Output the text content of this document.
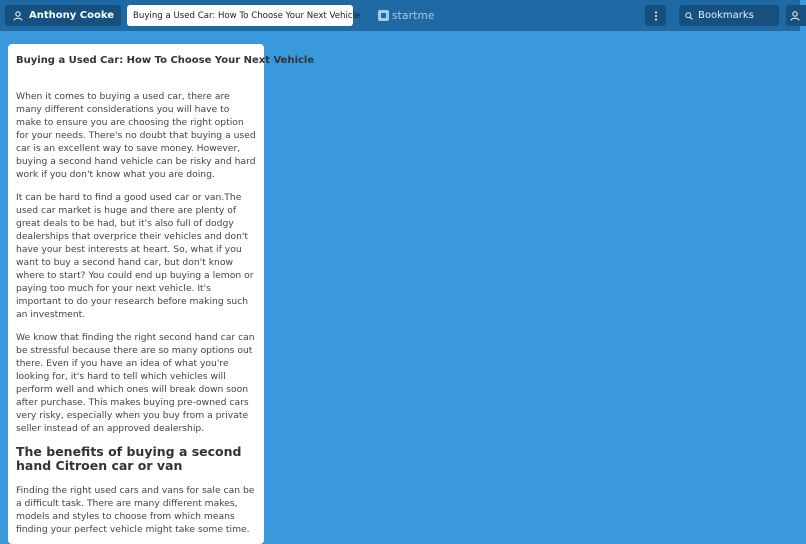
Anthony Cooke Buying a Used Car: How To Choose Your Next Vehicle	startme	Bookmarks
Buying a Used Car: How To Choose Your Next Vehicle

When it comes to buying a used car, there are many different considerations you will have to make to ensure you are choosing the right option for your needs. There's no doubt that buying a used car is an excellent way to save money. However, buying a second hand vehicle can be risky and hard work if you don't know what you are doing.

It can be hard to find a good used car or van.The used car market is huge and there are plenty of great deals to be had, but it's also full of dodgy dealerships that overprice their vehicles and don't have your best interests at heart. So, what if you want to buy a second hand car, but don't know where to start? You could end up buying a lemon or paying too much for your next vehicle. It's important to do your research before making such an investment.

We know that finding the right second hand car can be stressful because there are so many options out there. Even if you have an idea of what you're looking for, it's hard to tell which vehicles will perform well and which ones will break down soon after purchase. This makes buying pre-owned cars very risky, especially when you buy from a private seller instead of an approved dealership.

The benefits of buying a second hand Citroen car or van

Finding the right used cars and vans for sale can be a difficult task. There are many different makes, models and styles to choose from which means finding your perfect vehicle might take some time.
